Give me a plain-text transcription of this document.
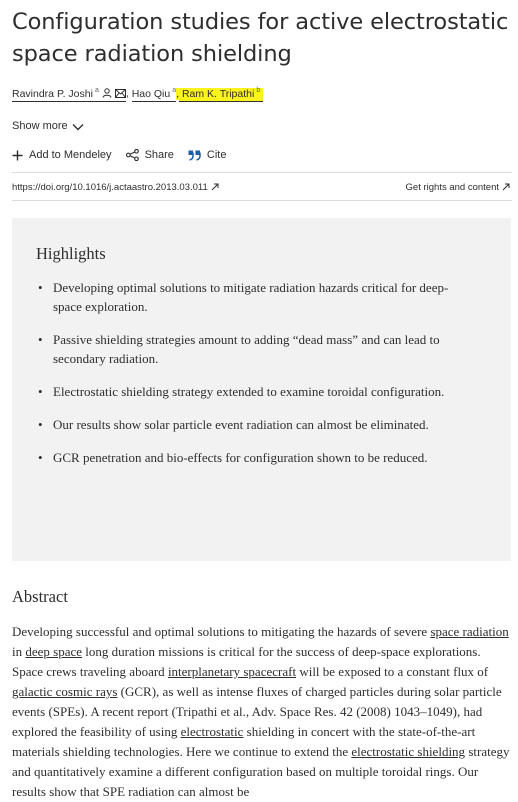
Configuration studies for active electrostatic space radiation shielding
Ravindra P. Joshi $^a$	, Hao Qiu $^a$, Ram K. Tripathi $^b$
Show more
Add to Mendeley	Share	Cite
https://doi.org/10.1016/j.actaastro.2013.03.011	Get rights and content
Highlights
• Developing optimal solutions to mitigate radiation hazards critical for deep-space exploration.
• Passive shielding strategies amount to adding “dead mass” and can lead to secondary radiation.
• Electrostatic shielding strategy extended to examine toroidal configuration.
• Our results show solar particle event radiation can almost be eliminated.
• GCR penetration and bio-effects for configuration shown to be reduced.
Abstract

Developing successful and optimal solutions to mitigating the hazards of severe space radiation in deep space long duration missions is critical for the success of deep-space explorations. Space crews traveling aboard interplanetary spacecraft will be exposed to a constant flux of galactic cosmic rays (GCR), as well as intense fluxes of charged particles during solar particle events (SPEs). A recent report (Tripathi et al., Adv. Space Res. 42 (2008) 1043–1049), had explored the feasibility of using electrostatic shielding in concert with the state-of-the-art materials shielding technologies. Here we continue to extend the electrostatic shielding strategy and quantitatively examine a different configuration based on multiple toroidal rings. Our results show that SPE radiation can almost be
